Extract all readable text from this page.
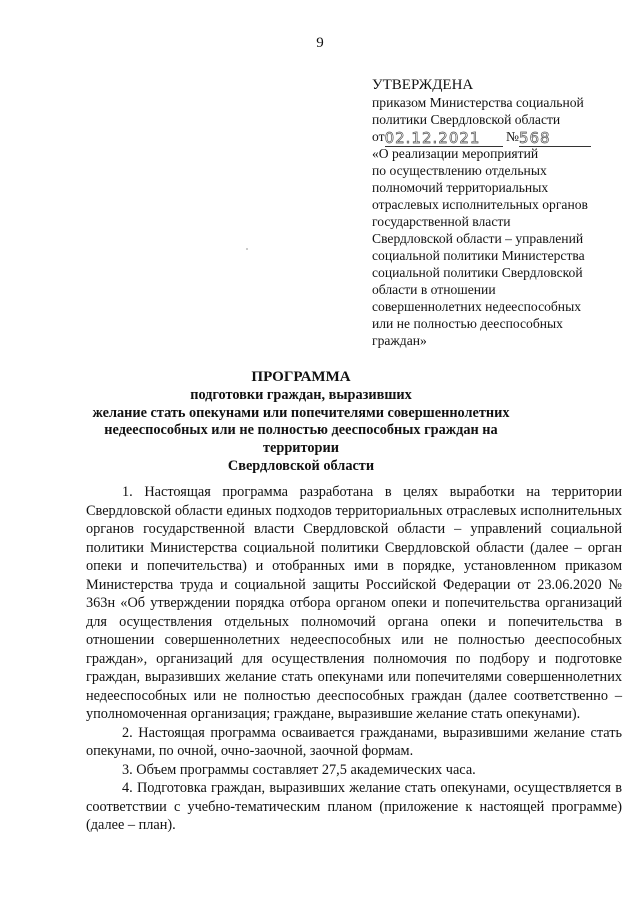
9
УТВЕРЖДЕНА
приказом Министерства социальной
политики Свердловской области
от02.12.2021 №568
«О реализации мероприятий
по осуществлению отдельных
полномочий территориальных
отраслевых исполнительных органов
государственной власти
Свердловской области – управлений
социальной политики Министерства
социальной политики Свердловской
области в отношении
совершеннолетних недееспособных
или не полностью дееспособных
граждан»
ПРОГРАММА
подготовки граждан, выразивших
желание стать опекунами или попечителями совершеннолетних
недееспособных или не полностью дееспособных граждан на территории
Свердловской области

1. Настоящая программа разработана в целях выработки на территории Свердловской области единых подходов территориальных отраслевых исполнительных органов государственной власти Свердловской области – управлений социальной политики Министерства социальной политики Свердловской области (далее – орган опеки и попечительства) и отобранных ими в порядке, установленном приказом Министерства труда и социальной защиты Российской Федерации от 23.06.2020 № 363н «Об утверждении порядка отбора органом опеки и попечительства организаций для осуществления отдельных полномочий органа опеки и попечительства в отношении совершеннолетних недееспособных или не полностью дееспособных граждан», организаций для осуществления полномочия по подбору и подготовке граждан, выразивших желание стать опекунами или попечителями совершеннолетних недееспособных или не полностью дееспособных граждан (далее соответственно – уполномоченная организация; граждане, выразившие желание стать опекунами).

2. Настоящая программа осваивается гражданами, выразившими желание стать опекунами, по очной, очно-заочной, заочной формам.

3. Объем программы составляет 27,5 академических часа.

4. Подготовка граждан, выразивших желание стать опекунами, осуществляется в соответствии с учебно-тематическим планом (приложение к настоящей программе) (далее – план).
